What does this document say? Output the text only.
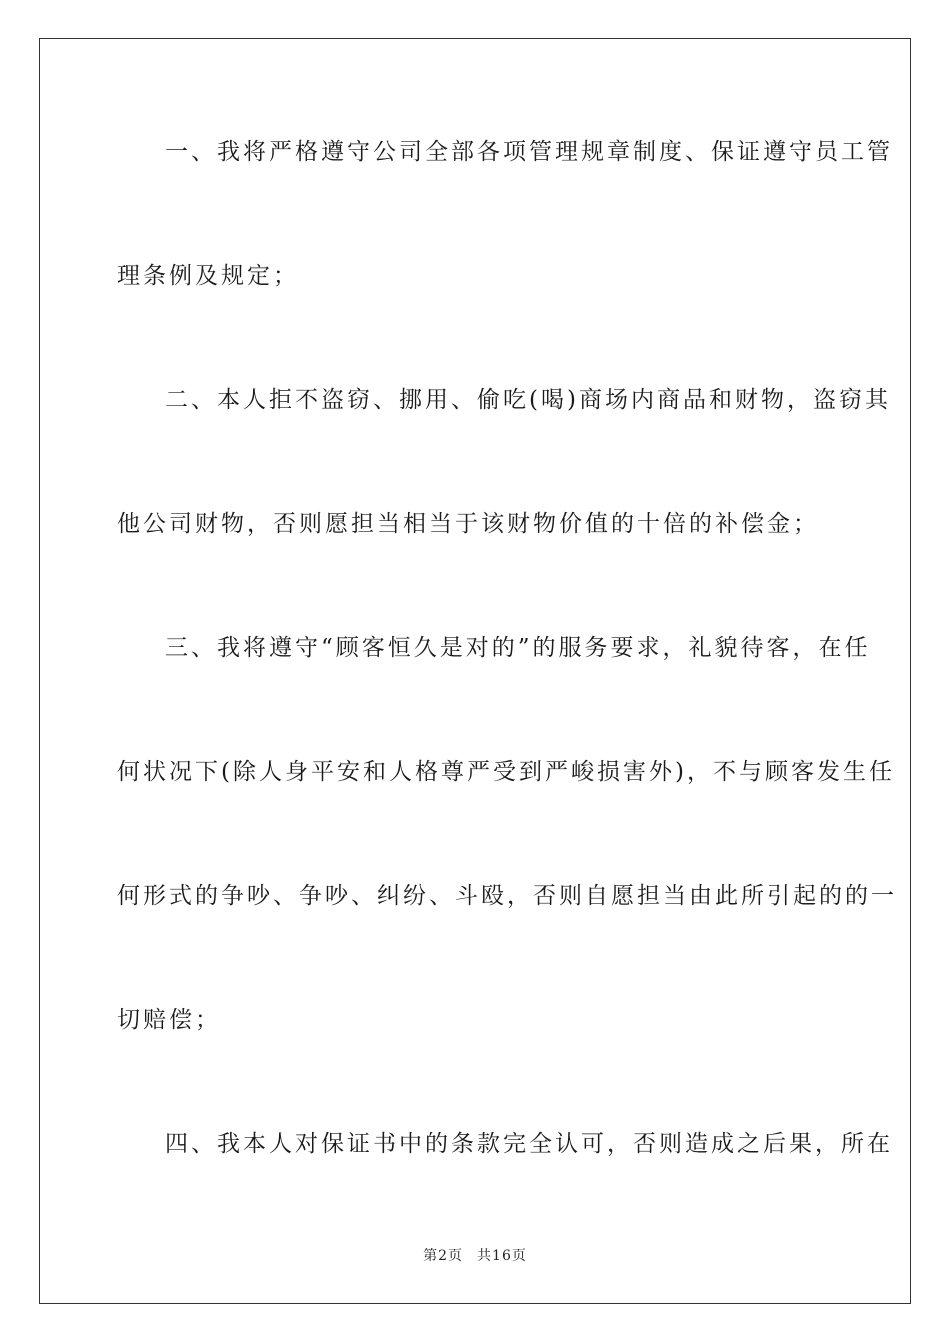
一、我将严格遵守公司全部各项管理规章制度、保证遵守员工管
理条例及规定；
二、本人拒不盗窃、挪用、偷吃(喝)商场内商品和财物，盗窃其
他公司财物，否则愿担当相当于该财物价值的十倍的补偿金；
三、我将遵守“顾客恒久是对的”的服务要求，礼貌待客，在任
何状况下(除人身平安和人格尊严受到严峻损害外)，不与顾客发生任
何形式的争吵、争吵、纠纷、斗殴，否则自愿担当由此所引起的的一
切赔偿；
四、我本人对保证书中的条款完全认可，否则造成之后果，所在
第2页 共16页
